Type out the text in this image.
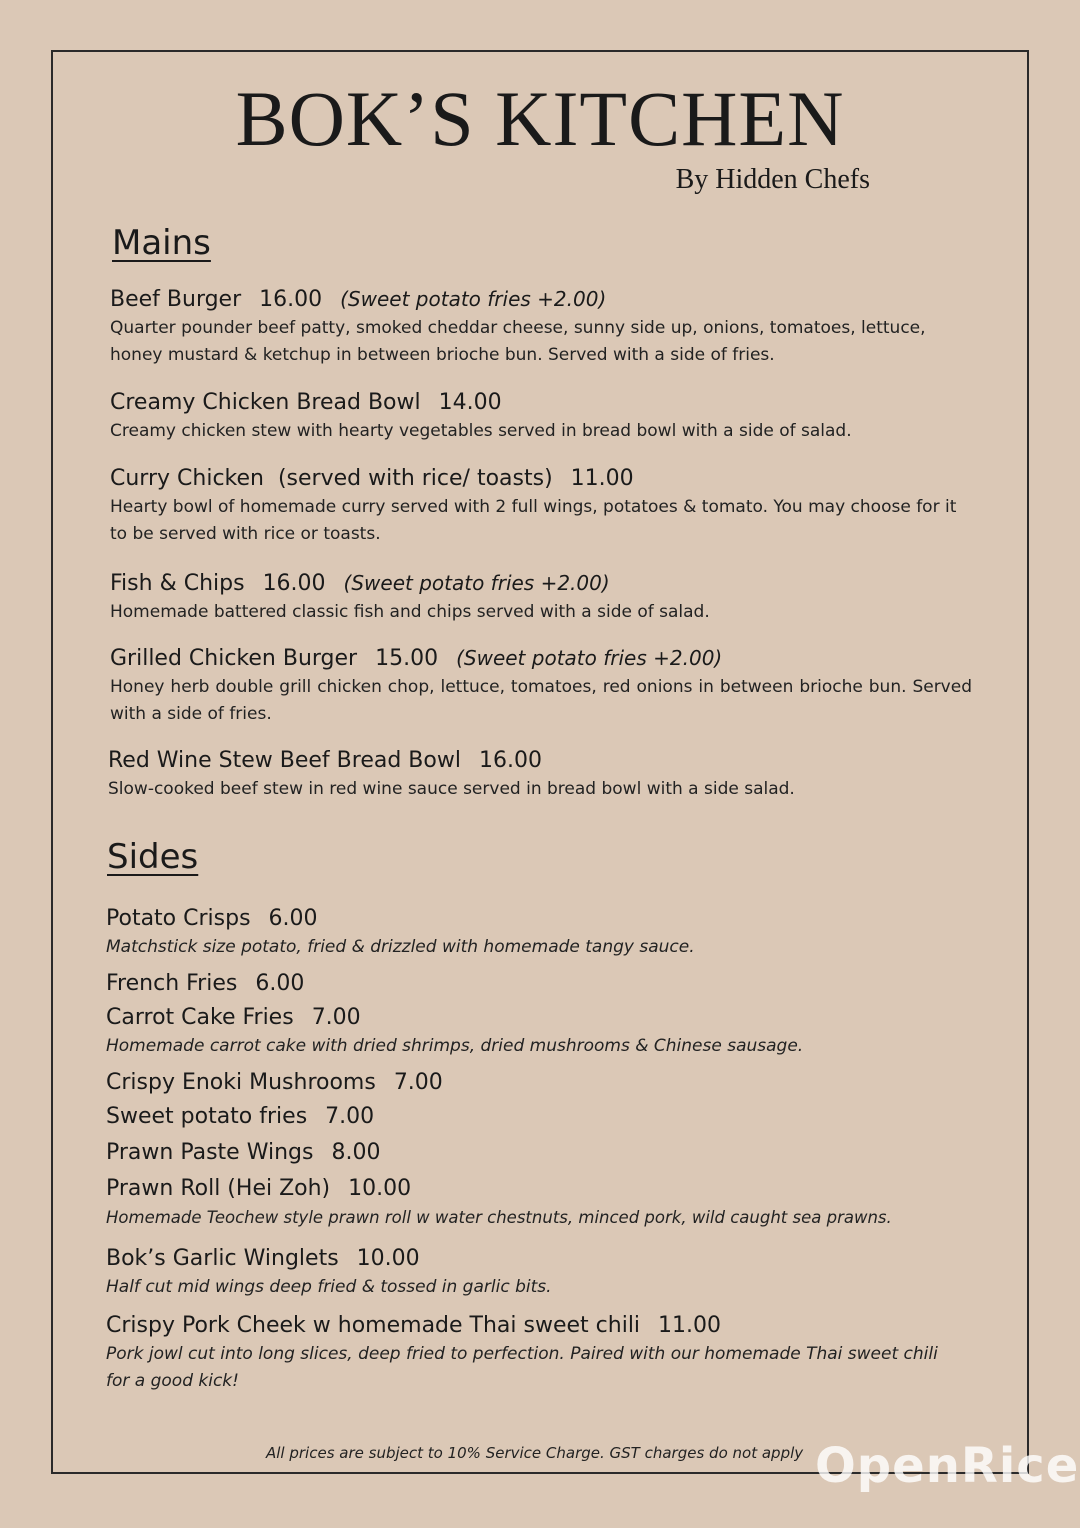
BOK’S KITCHEN
By Hidden Chefs
Mains
Beef Burger 16.00 (Sweet potato fries +2.00)
Quarter pounder beef patty, smoked cheddar cheese, sunny side up, onions, tomatoes, lettuce, honey mustard & ketchup in between brioche bun. Served with a side of fries.
Creamy Chicken Bread Bowl 14.00
Creamy chicken stew with hearty vegetables served in bread bowl with a side of salad.
Curry Chicken  (served with rice/ toasts) 11.00
Hearty bowl of homemade curry served with 2 full wings, potatoes & tomato. You may choose for it to be served with rice or toasts.
Fish & Chips 16.00 (Sweet potato fries +2.00)
Homemade battered classic fish and chips served with a side of salad.
Grilled Chicken Burger 15.00 (Sweet potato fries +2.00)
Honey herb double grill chicken chop, lettuce, tomatoes, red onions in between brioche bun. Served with a side of fries.
Red Wine Stew Beef Bread Bowl 16.00
Slow-cooked beef stew in red wine sauce served in bread bowl with a side salad.
Sides
Potato Crisps 6.00
Matchstick size potato, fried & drizzled with homemade tangy sauce.
French Fries 6.00
Carrot Cake Fries 7.00
Homemade carrot cake with dried shrimps, dried mushrooms & Chinese sausage.
Crispy Enoki Mushrooms 7.00
Sweet potato fries 7.00
Prawn Paste Wings 8.00
Prawn Roll (Hei Zoh) 10.00
Homemade Teochew style prawn roll w water chestnuts, minced pork, wild caught sea prawns.
Bok’s Garlic Winglets 10.00
Half cut mid wings deep fried & tossed in garlic bits.
Crispy Pork Cheek w homemade Thai sweet chili 11.00
Pork jowl cut into long slices, deep fried to perfection. Paired with our homemade Thai sweet chili for a good kick!
All prices are subject to 10% Service Charge. GST charges do not apply OpenRice
